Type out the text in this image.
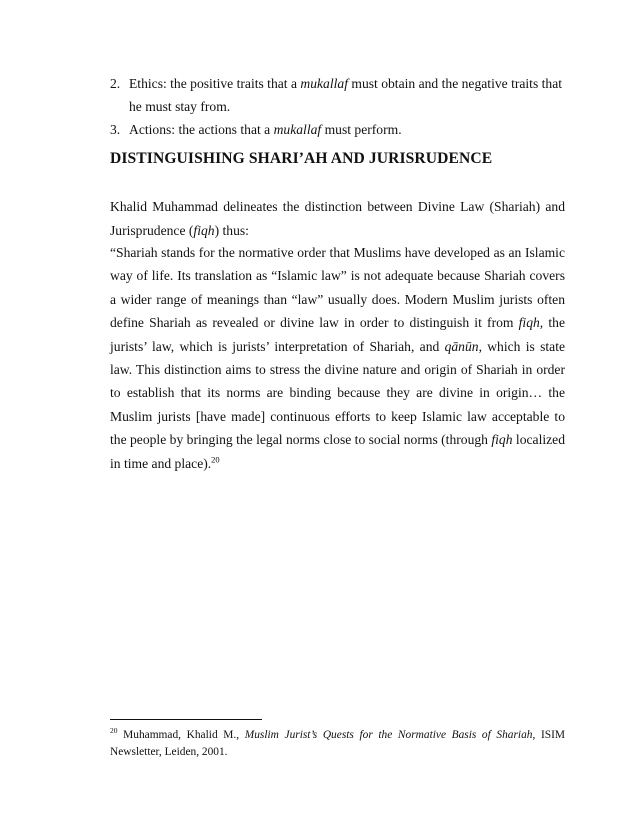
2. Ethics: the positive traits that a mukallaf must obtain and the negative traits that he must stay from.
3. Actions: the actions that a mukallaf must perform.
DISTINGUISHING SHARI’AH AND JURISRUDENCE

Khalid Muhammad delineates the distinction between Divine Law (Shariah) and Jurisprudence (fiqh) thus:

“Shariah stands for the normative order that Muslims have developed as an Islamic way of life. Its translation as “Islamic law” is not adequate because Shariah covers a wider range of meanings than “law” usually does. Modern Muslim jurists often define Shariah as revealed or divine law in order to distinguish it from fiqh, the jurists’ law, which is jurists’ interpretation of Shariah, and qānūn, which is state law. This distinction aims to stress the divine nature and origin of Shariah in order to establish that its norms are binding because they are divine in origin… the Muslim jurists [have made] continuous efforts to keep Islamic law acceptable to the people by bringing the legal norms close to social norms (through fiqh localized in time and place).$^{20}$

$^{20}$ Muhammad, Khalid M., Muslim Jurist’s Quests for the Normative Basis of Shariah, ISIM Newsletter, Leiden, 2001.
